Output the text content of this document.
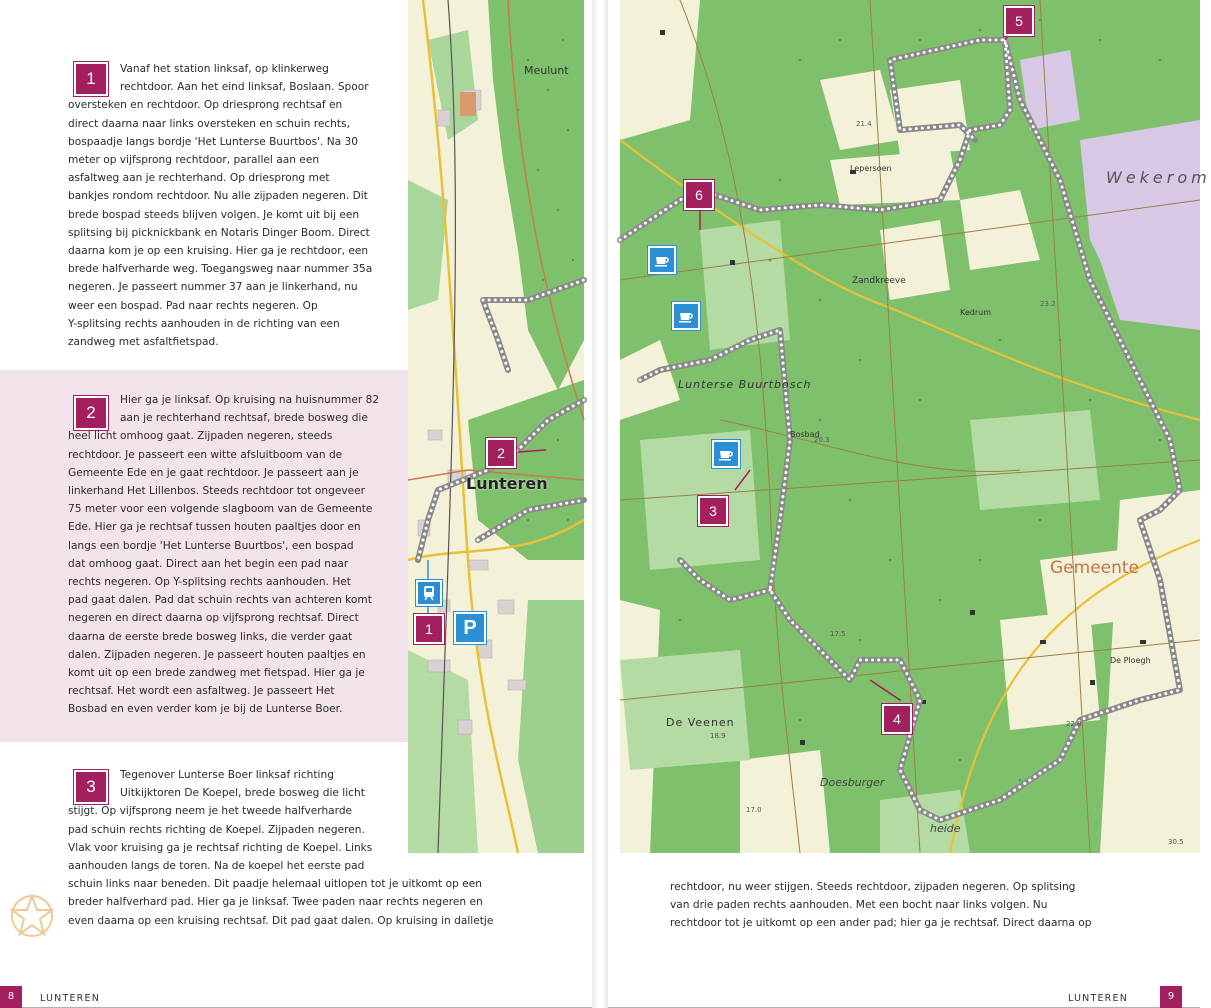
1	Vanaf het station linksaf, op klinkerweg

rechtdoor. Aan het eind linksaf, Boslaan. Spoor

oversteken en rechtdoor. Op driesprong rechtsaf en

direct daarna naar links oversteken en schuin rechts,

bospaadje langs bordje 'Het Lunterse Buurtbos'. Na 30

meter op vijfsprong rechtdoor, parallel aan een

asfaltweg aan je rechterhand. Op driesprong met

bankjes rondom rechtdoor. Nu alle zijpaden negeren. Dit

brede bospad steeds blijven volgen. Je komt uit bij een

splitsing bij picknickbank en Notaris Dinger Boom. Direct

daarna kom je op een kruising. Hier ga je rechtdoor, een

brede halfverharde weg. Toegangsweg naar nummer 35a

negeren. Je passeert nummer 37 aan je linkerhand, nu

weer een bospad. Pad naar rechts negeren. Op

Y-splitsing rechts aanhouden in de richting van een

zandweg met asfaltfietspad.

2

Hier ga je linksaf. Op kruising na huisnummer 82

aan je rechterhand rechtsaf, brede bosweg die

heel licht omhoog gaat. Zijpaden negeren, steeds

rechtdoor. Je passeert een witte afsluitboom van de

Gemeente Ede en je gaat rechtdoor. Je passeert aan je

linkerhand Het Lillenbos. Steeds rechtdoor tot ongeveer

75 meter voor een volgende slagboom van de Gemeente

Ede. Hier ga je rechtsaf tussen houten paaltjes door en

langs een bordje 'Het Lunterse Buurtbos', een bospad

dat omhoog gaat. Direct aan het begin een pad naar

rechts negeren. Op Y-splitsing rechts aanhouden. Het

pad gaat dalen. Pad dat schuin rechts van achteren komt

negeren en direct daarna op vijfsprong rechtsaf. Direct

daarna de eerste brede bosweg links, die verder gaat

dalen. Zijpaden negeren. Je passeert houten paaltjes en

komt uit op een brede zandweg met fietspad. Hier ga je

rechtsaf. Het wordt een asfaltweg. Je passeert Het

Bosbad en even verder kom je bij de Lunterse Boer.

3

Tegenover Lunterse Boer linksaf richting

Uitkijktoren De Koepel, brede bosweg die licht

stijgt. Op vijfsprong neem je het tweede halfverharde

pad schuin rechts richting de Koepel. Zijpaden negeren.

Vlak voor kruising ga je rechtsaf richting de Koepel. Links

aanhouden langs de toren. Na de koepel het eerste pad

schuin links naar beneden. Dit paadje helemaal uitlopen tot je uitkomt op een

breder halfverhard pad. Hier ga je linksaf. Twee paden naar rechts negeren en

even daarna op een kruising rechtsaf. Dit pad gaat dalen. Op kruising in dalletje

Meulunt
Lunteren
2
1	P
8	LUNTEREN
Wekerom
Lunterse Buurtbosch
Zandkreeve
Gemeente
De Veenen
Doesburger
heide
De Ploegh
Lepersoen
Kedrum
Bosbad
21.4
20.3
17.0
23.2
17.5
18.9
30.5
22.8
5
6
3
4

rechtdoor, nu weer stijgen. Steeds rechtdoor, zijpaden negeren. Op splitsing

van drie paden rechts aanhouden. Met een bocht naar links volgen. Nu

rechtdoor tot je uitkomt op een ander pad; hier ga je rechtsaf. Direct daarna op

LUNTEREN	9
